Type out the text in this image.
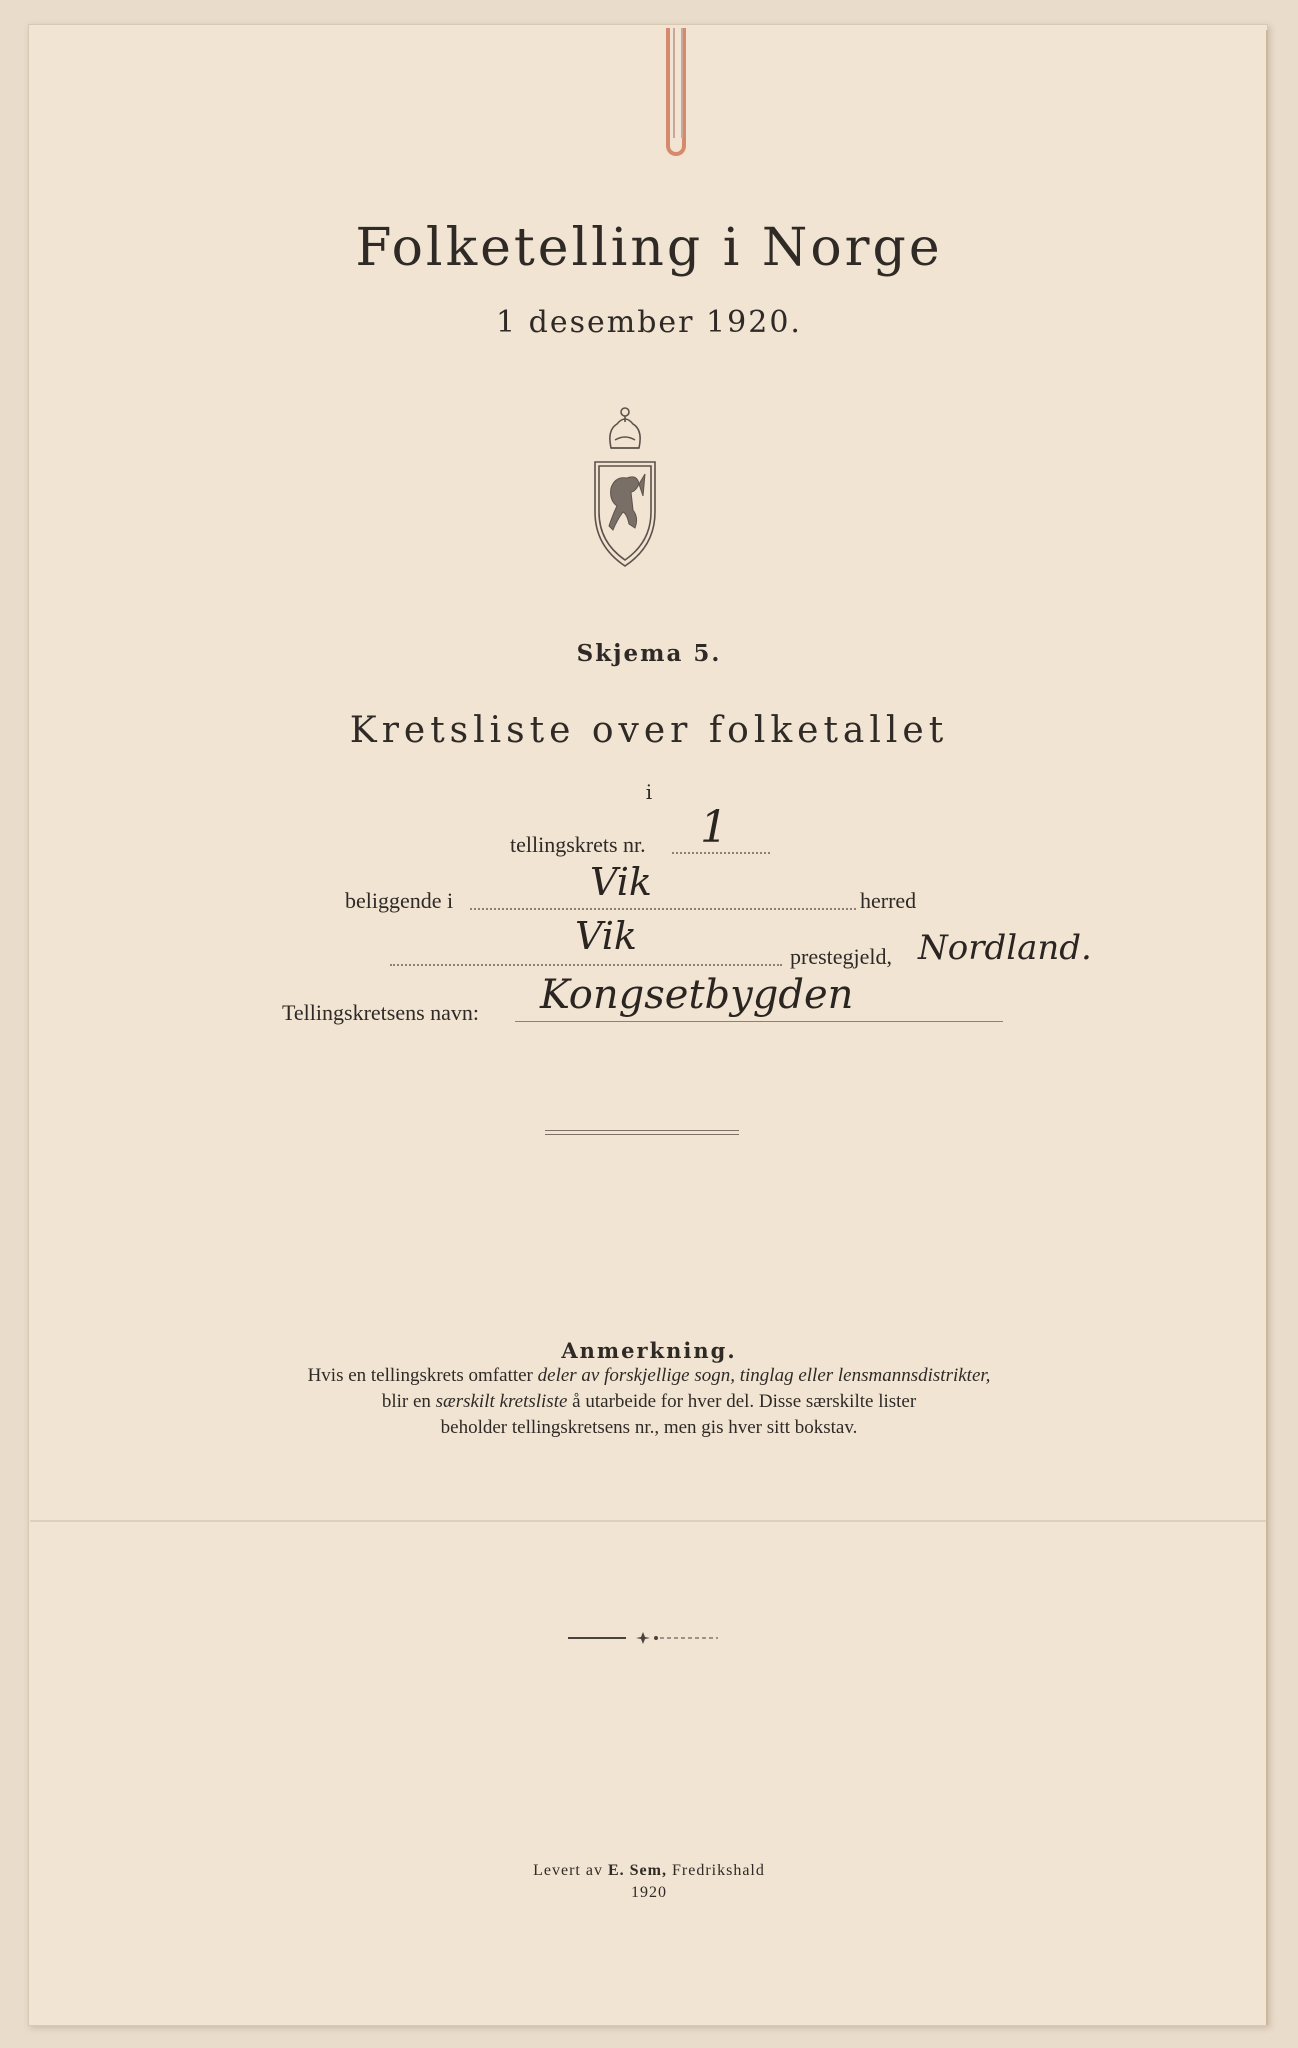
Folketelling i Norge
1 desember 1920.
Skjema 5.
Kretsliste over folketallet
i
tellingskrets nr. 1
beliggende i	Vik	herred
Vik	prestegjeld, Nordland.
Tellingskretsens navn: Kongsetbygden
Anmerkning.
Hvis en tellingskrets omfatter deler av forskjellige sogn, tinglag eller lensmannsdistrikter,
blir en særskilt kretsliste å utarbeide for hver del. Disse særskilte lister
beholder tellingskretsens nr., men gis hver sitt bokstav.
Levert av E. Sem, Fredrikshald
1920
